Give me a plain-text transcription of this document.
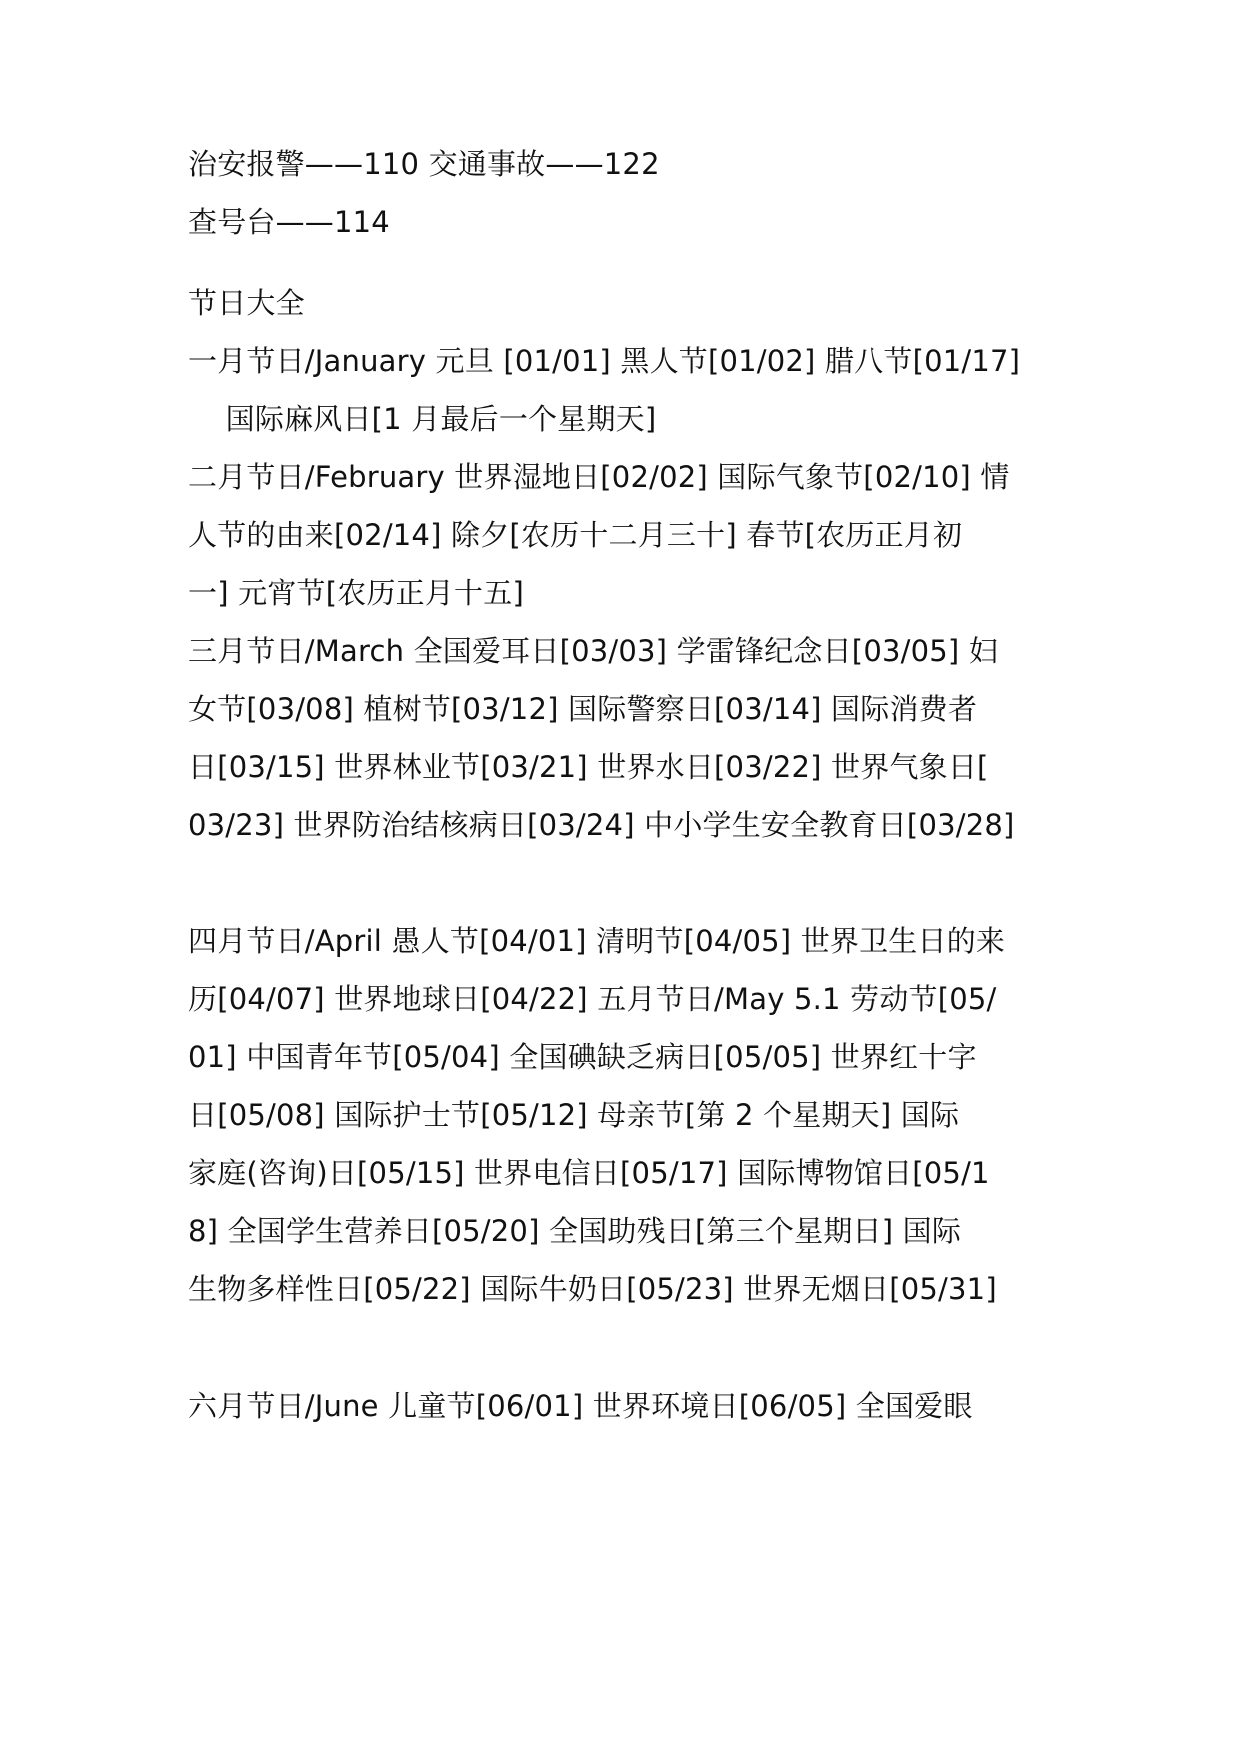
治安报警——110 交通事故——122
查号台——114
节日大全
一月节日/January 元旦 [01/01] 黑人节[01/02] 腊八节[01/17]
国际麻风日[1 月最后一个星期天]
二月节日/February 世界湿地日[02/02] 国际气象节[02/10] 情
人节的由来[02/14] 除夕[农历十二月三十] 春节[农历正月初
一] 元宵节[农历正月十五]
三月节日/March 全国爱耳日[03/03] 学雷锋纪念日[03/05] 妇
女节[03/08] 植树节[03/12] 国际警察日[03/14] 国际消费者
日[03/15] 世界林业节[03/21] 世界水日[03/22] 世界气象日[
03/23] 世界防治结核病日[03/24] 中小学生安全教育日[03/28]
四月节日/April 愚人节[04/01] 清明节[04/05] 世界卫生日的来
历[04/07] 世界地球日[04/22] 五月节日/May 5.1 劳动节[05/
01] 中国青年节[05/04] 全国碘缺乏病日[05/05] 世界红十字
日[05/08] 国际护士节[05/12] 母亲节[第 2 个星期天] 国际
家庭(咨询)日[05/15] 世界电信日[05/17] 国际博物馆日[05/1
8] 全国学生营养日[05/20] 全国助残日[第三个星期日] 国际
生物多样性日[05/22] 国际牛奶日[05/23] 世界无烟日[05/31]
六月节日/June 儿童节[06/01] 世界环境日[06/05] 全国爱眼
